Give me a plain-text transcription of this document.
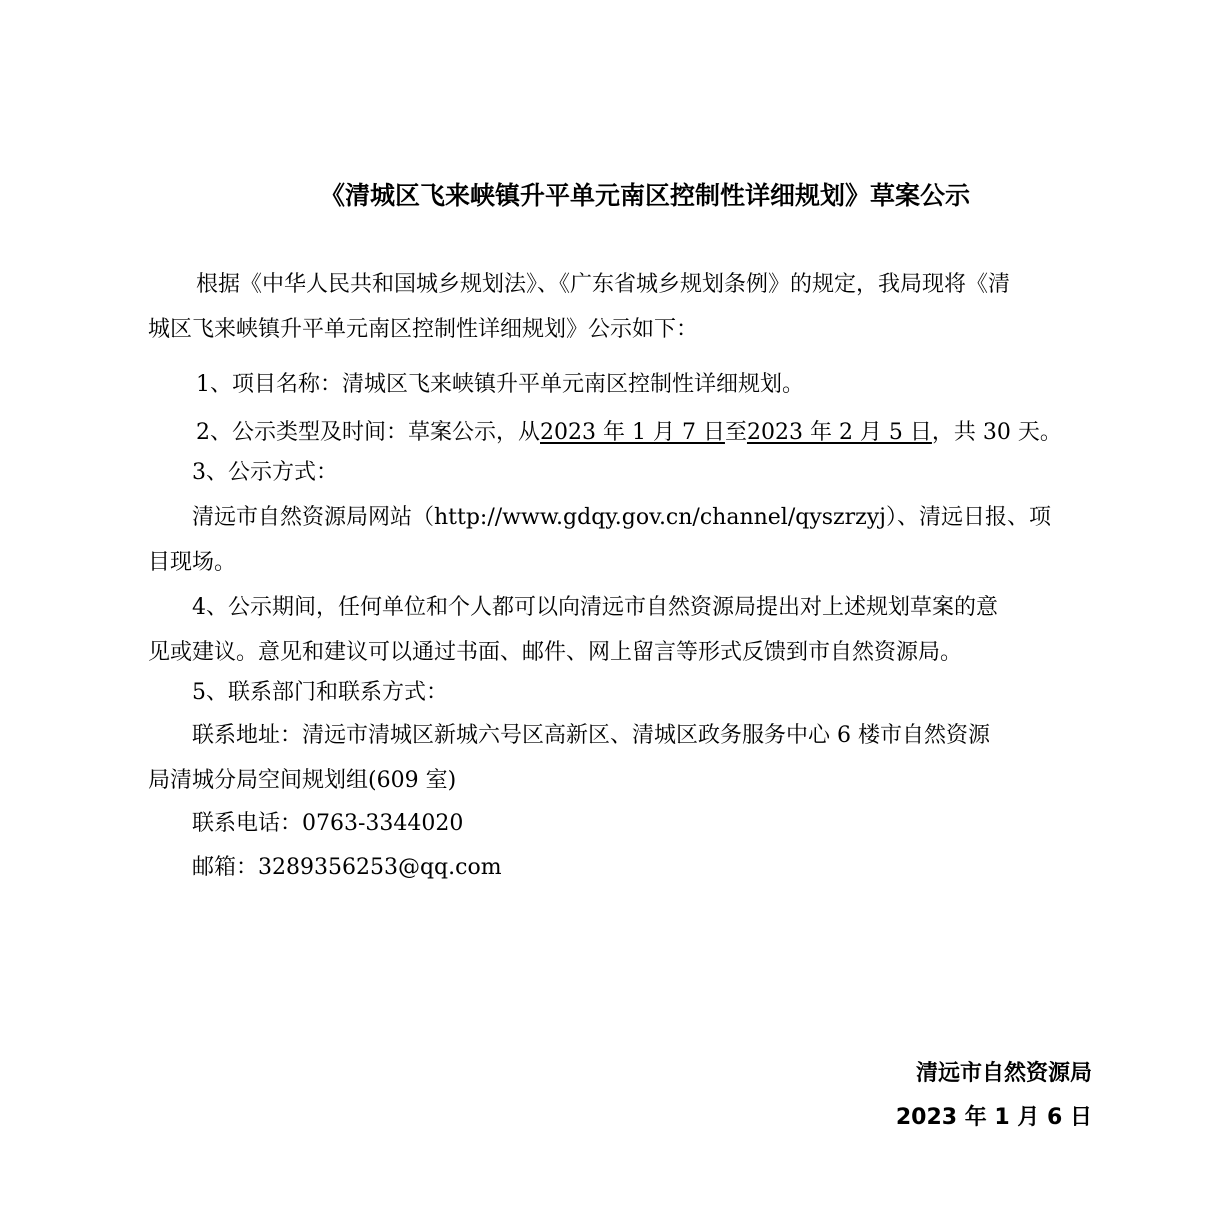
《清城区飞来峡镇升平单元南区控制性详细规划》草案公示
根据《中华人民共和国城乡规划法》、《广东省城乡规划条例》的规定，我局现将《清
城区飞来峡镇升平单元南区控制性详细规划》公示如下：
1、项目名称：清城区飞来峡镇升平单元南区控制性详细规划。
2、公示类型及时间：草案公示，从2023 年 1 月 7 日至2023 年 2 月 5 日，共 30 天。
3、公示方式：
清远市自然资源局网站（http://www.gdqy.gov.cn/channel/qyszrzyj）、清远日报、项
目现场。
4、公示期间，任何单位和个人都可以向清远市自然资源局提出对上述规划草案的意
见或建议。意见和建议可以通过书面、邮件、网上留言等形式反馈到市自然资源局。
5、联系部门和联系方式：
联系地址：清远市清城区新城六号区高新区、清城区政务服务中心 6 楼市自然资源
局清城分局空间规划组(609 室)
联系电话：0763-3344020
邮箱：3289356253@qq.com
清远市自然资源局
2023 年 1 月 6 日
